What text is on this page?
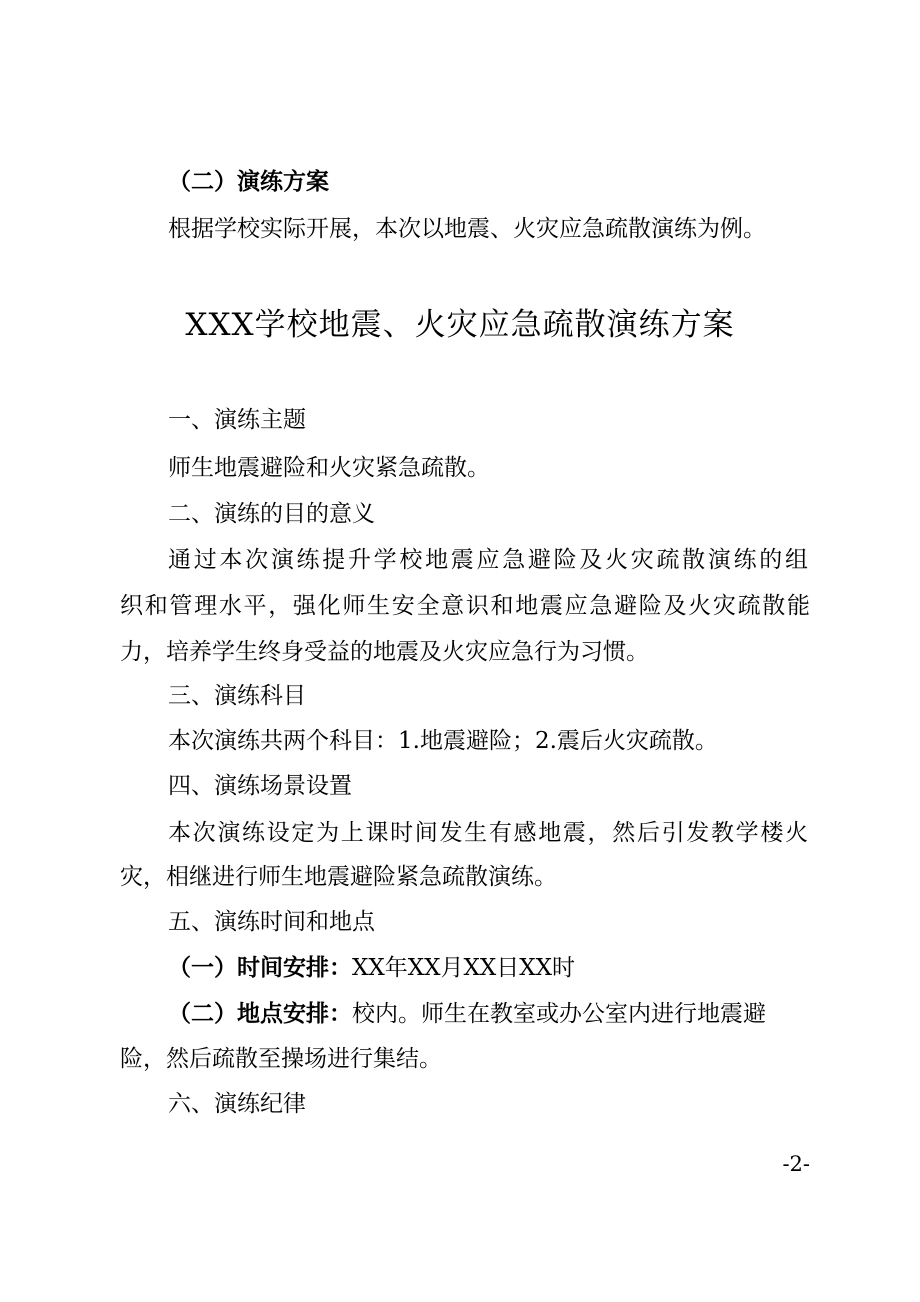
（二）演练方案
根据学校实际开展，本次以地震、火灾应急疏散演练为例。
XXX学校地震、火灾应急疏散演练方案
一、演练主题
师生地震避险和火灾紧急疏散。
二、演练的目的意义
通过本次演练提升学校地震应急避险及火灾疏散演练的组
织和管理水平，强化师生安全意识和地震应急避险及火灾疏散能
力，培养学生终身受益的地震及火灾应急行为习惯。
三、演练科目
本次演练共两个科目：1.地震避险；2.震后火灾疏散。
四、演练场景设置
本次演练设定为上课时间发生有感地震，然后引发教学楼火
灾，相继进行师生地震避险紧急疏散演练。
五、演练时间和地点
（一）时间安排：XX年XX月XX日XX时
（二）地点安排：校内。师生在教室或办公室内进行地震避
险，然后疏散至操场进行集结。
六、演练纪律
-2-
